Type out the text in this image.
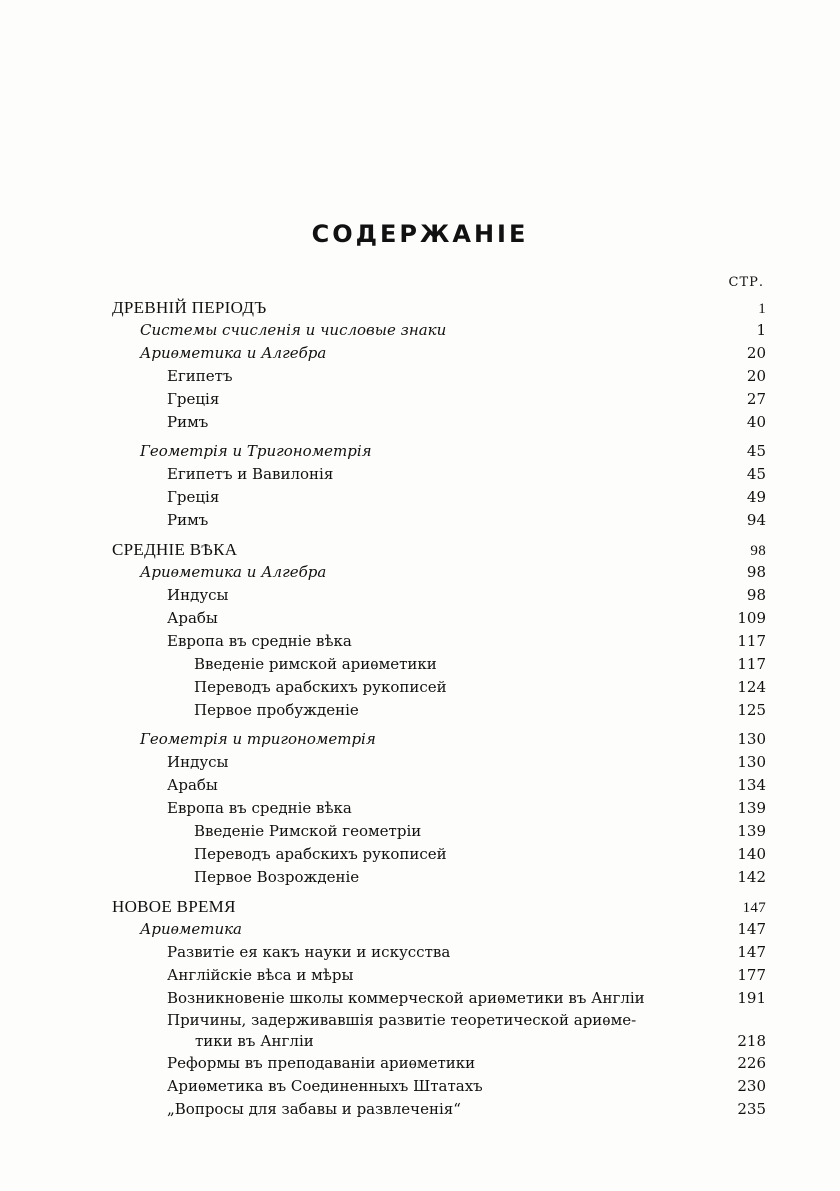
СОДЕРЖАНІЕ
СТР.
ДРЕВНІЙ ПЕРІОДЪ	1
Системы счисленія и числовые знаки	1
Ариѳметика и Алгебра	20
Египетъ	20
Греція	27
Римъ	40
Геометрія и Тригонометрія	45
Египетъ и Вавилонія	45
Греція	49
Римъ	94
СРЕДНІЕ ВѢКА	98
Ариѳметика и Алгебра	98
Индусы	98
Арабы	109
Европа въ средніе вѣка	117
Введеніе римской ариѳметики	117
Переводъ арабскихъ рукописей	124
Первое пробужденіе	125
Геометрія и тригонометрія	130
Индусы	130
Арабы	134
Европа въ средніе вѣка	139
Введеніе Римской геометріи	139
Переводъ арабскихъ рукописей	140
Первое Возрожденіе	142
НОВОЕ ВРЕМЯ	147
Ариѳметика	147
Развитіе ея какъ науки и искусства	147
Англійскіе вѣса и мѣры	177
Возникновеніе школы коммерческой ариѳметики въ Англіи	191
Причины, задерживавшія развитіе теоретической ариѳме-
тики въ Англіи	218
Реформы въ преподаваніи ариѳметики	226
Ариѳметика въ Соединенныхъ Штатахъ	230
„Вопросы для забавы и развлеченія“	235
